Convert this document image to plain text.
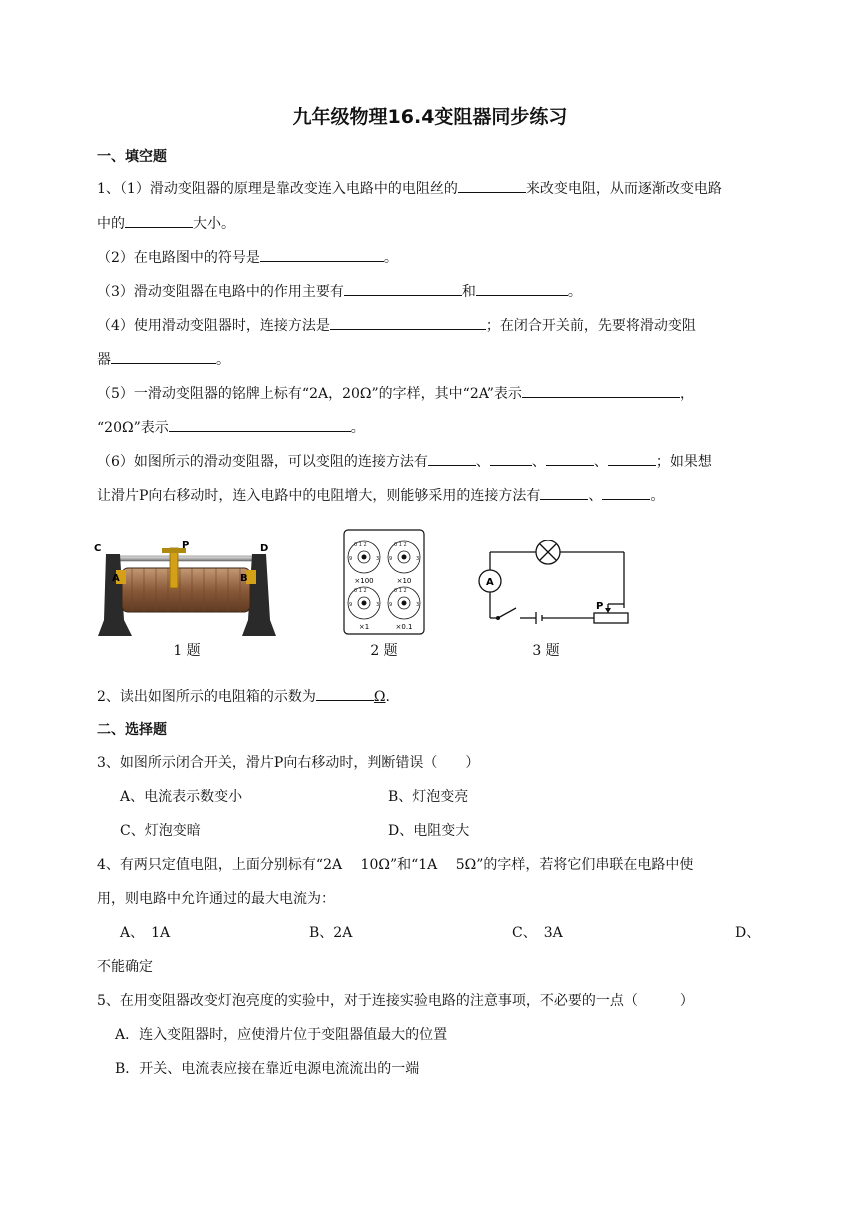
九年级物理16.4变阻器同步练习
一、填空题
1、（1）滑动变阻器的原理是靠改变连入电路中的电阻丝的	来改变电阻，从而逐渐改变电路
中的	大小。
（2）在电路图中的符号是	。
（3）滑动变阻器在电路中的作用主要有	和	。
（4）使用滑动变阻器时，连接方法是	；在闭合开关前，先要将滑动变阻
器	。
（5）一滑动变阻器的铭牌上标有“2A，20Ω”的字样，其中“2A”表示	，
“20Ω”表示	。
（6）如图所示的滑动变阻器，可以变阻的连接方法有	、	、	、	；如果想
让滑片P向右移动时，连入电路中的电阻增大，则能够采用的连接方法有	、	。
C	P	D
A	B
0 1 2	0 1 2
0 1 2	0 1 2
9	3 9	3
9	3 9	3
×100	×10
×1	×0.1
A
P
1 题	2 题	3 题
2、读出如图所示的电阻箱的示数为	Ω.
二、选择题
3、如图所示闭合开关，滑片P向右移动时，判断错误（　　）
A、电流表示数变小	B、灯泡变亮
C、灯泡变暗	D、电阻变大
4、有两只定值电阻，上面分别标有“2A　 10Ω”和“1A　 5Ω”的字样，若将它们串联在电路中使
用，则电路中允许通过的最大电流为：
A、　1A	B、2A	C、　3A	D、
不能确定
5、在用变阻器改变灯泡亮度的实验中，对于连接实验电路的注意事项，不必要的一点（　　　）
A．连入变阻器时，应使滑片位于变阻器值最大的位置
B．开关、电流表应接在靠近电源电流流出的一端
